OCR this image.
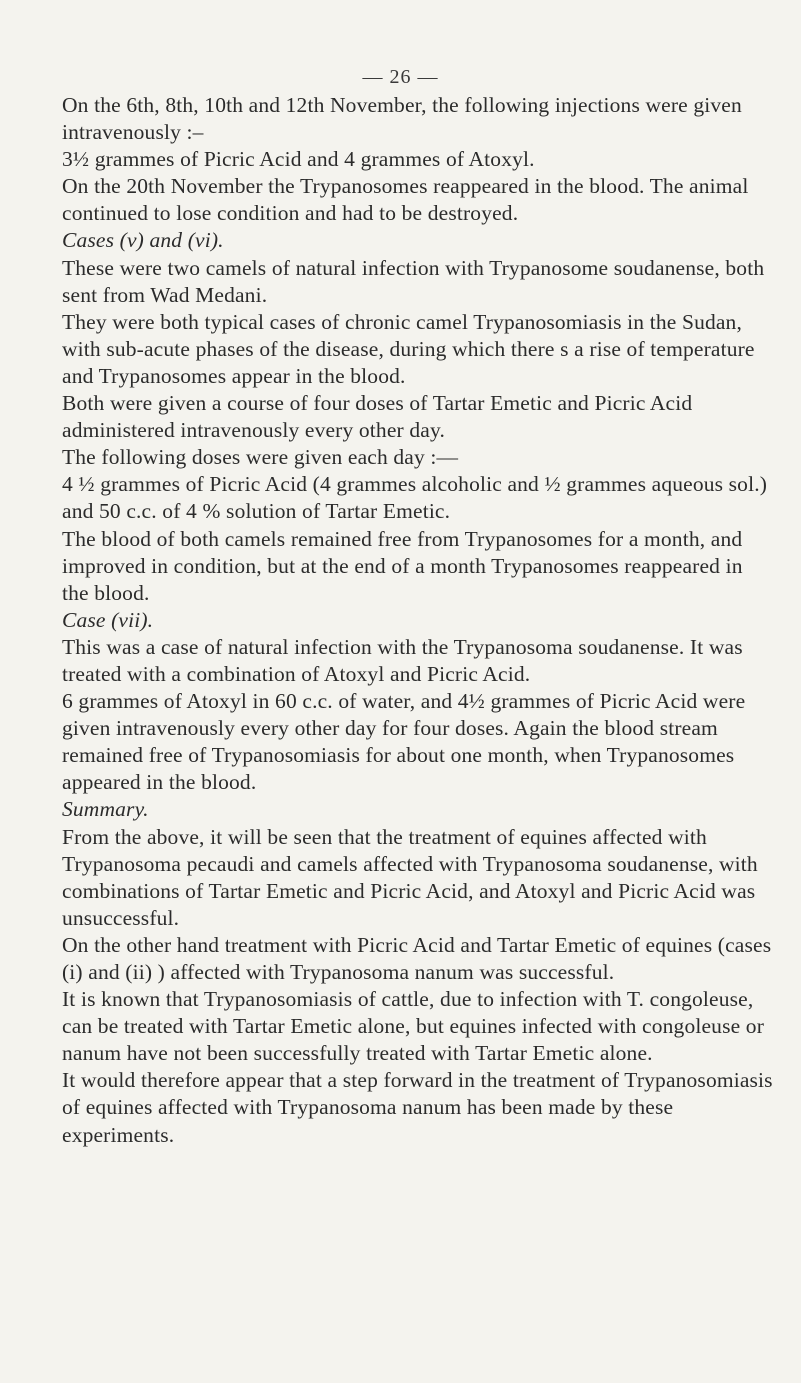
— 26 —

On the 6th, 8th, 10th and 12th November, the following injections were given intravenously :–

3½ grammes of Picric Acid and 4 grammes of Atoxyl.

On the 20th November the Trypanosomes reappeared in the blood. The animal continued to lose condition and had to be destroyed.

Cases (v) and (vi).

These were two camels of natural infection with Trypanosome soudanense, both sent from Wad Medani.

They were both typical cases of chronic camel Trypanosomiasis in the Sudan, with sub-acute phases of the disease, during which there s a rise of temperature and Trypanosomes appear in the blood.

Both were given a course of four doses of Tartar Emetic and Picric Acid administered intravenously every other day.

The following doses were given each day :—

4 ½ grammes of Picric Acid (4 grammes alcoholic and ½ grammes aqueous sol.) and 50 c.c. of 4 % solution of Tartar Emetic.

The blood of both camels remained free from Trypanosomes for a month, and improved in condition, but at the end of a month Trypanosomes reappeared in the blood.

Case (vii).

This was a case of natural infection with the Trypanosoma soudanense. It was treated with a combination of Atoxyl and Picric Acid.

6 grammes of Atoxyl in 60 c.c. of water, and 4½ grammes of Picric Acid were given intravenously every other day for four doses. Again the blood stream remained free of Trypanosomiasis for about one month, when Trypanosomes appeared in the blood.

Summary.

From the above, it will be seen that the treatment of equines affected with Trypanosoma pecaudi and camels affected with Trypanosoma soudanense, with combinations of Tartar Emetic and Picric Acid, and Atoxyl and Picric Acid was unsuccessful.

On the other hand treatment with Picric Acid and Tartar Emetic of equines (cases (i) and (ii) ) affected with Trypanosoma nanum was successful.

It is known that Trypanosomiasis of cattle, due to infection with T. congoleuse, can be treated with Tartar Emetic alone, but equines infected with congoleuse or nanum have not been successfully treated with Tartar Emetic alone.

It would therefore appear that a step forward in the treatment of Trypanosomiasis of equines affected with Trypanosoma nanum has been made by these experiments.
